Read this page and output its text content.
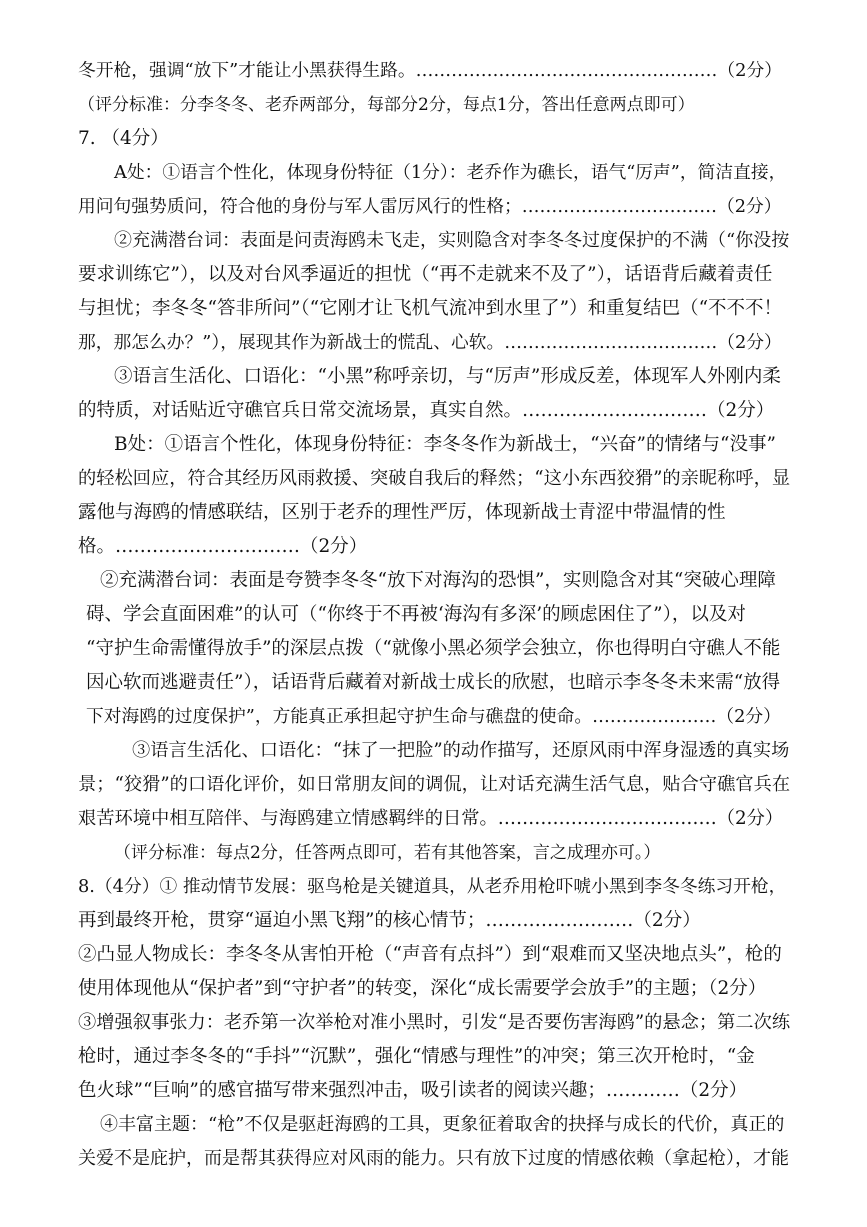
冬开枪，强调“放下”才能让小黑获得生路。……………………………………………（2分）
（评分标准：分李冬冬、老乔两部分，每部分2分，每点1分，答出任意两点即可）
7. （4分）
A处：①语言个性化，体现身份特征（1分）：老乔作为礁长，语气“厉声”，简洁直接，
用问句强势质问，符合他的身份与军人雷厉风行的性格；……………………………（2分）
②充满潜台词：表面是问责海鸥未飞走，实则隐含对李冬冬过度保护的不满（“你没按
要求训练它”），以及对台风季逼近的担忧（“再不走就来不及了”），话语背后藏着责任
与担忧；李冬冬“答非所问”（“它刚才让飞机气流冲到水里了”）和重复结巴（“不不不！
那，那怎么办？”），展现其作为新战士的慌乱、心软。………………………………（2分）
③语言生活化、口语化：“小黑”称呼亲切，与“厉声”形成反差，体现军人外刚内柔
的特质，对话贴近守礁官兵日常交流场景，真实自然。…………………………（2分）
B处：①语言个性化，体现身份特征：李冬冬作为新战士，“兴奋”的情绪与“没事”
的轻松回应，符合其经历风雨救援、突破自我后的释然；“这小东西狡猾”的亲昵称呼，显
露他与海鸥的情感联结，区别于老乔的理性严厉，体现新战士青涩中带温情的性
格。…………………………（2分）
②充满潜台词：表面是夸赞李冬冬“放下对海沟的恐惧”，实则隐含对其“突破心理障
碍、学会直面困难”的认可（“你终于不再被‘海沟有多深’的顾虑困住了”），以及对
“守护生命需懂得放手”的深层点拨（“就像小黑必须学会独立，你也得明白守礁人不能
因心软而逃避责任”），话语背后藏着对新战士成长的欣慰，也暗示李冬冬未来需“放得
下对海鸥的过度保护”，方能真正承担起守护生命与礁盘的使命。…………………（2分）
③语言生活化、口语化：“抹了一把脸”的动作描写，还原风雨中浑身湿透的真实场
景；“狡猾”的口语化评价，如日常朋友间的调侃，让对话充满生活气息，贴合守礁官兵在
艰苦环境中相互陪伴、与海鸥建立情感羁绊的日常。………………………………（2分）
（评分标准：每点2分，任答两点即可，若有其他答案，言之成理亦可。）
8.（4分）① 推动情节发展：驱鸟枪是关键道具，从老乔用枪吓唬小黑到李冬冬练习开枪，
再到最终开枪，贯穿“逼迫小黑飞翔”的核心情节；……………………（2分）
②凸显人物成长：李冬冬从害怕开枪（“声音有点抖”）到“艰难而又坚决地点头”，枪的
使用体现他从“保护者”到“守护者”的转变，深化“成长需要学会放手”的主题；（2分）
③增强叙事张力：老乔第一次举枪对准小黑时，引发“是否要伤害海鸥”的悬念；第二次练
枪时，通过李冬冬的“手抖”“沉默”，强化“情感与理性”的冲突；第三次开枪时，“金
色火球”“巨响”的感官描写带来强烈冲击，吸引读者的阅读兴趣；…………（2分）
④丰富主题：“枪”不仅是驱赶海鸥的工具，更象征着取舍的抉择与成长的代价，真正的
关爱不是庇护，而是帮其获得应对风雨的能力。只有放下过度的情感依赖（拿起枪），才能
